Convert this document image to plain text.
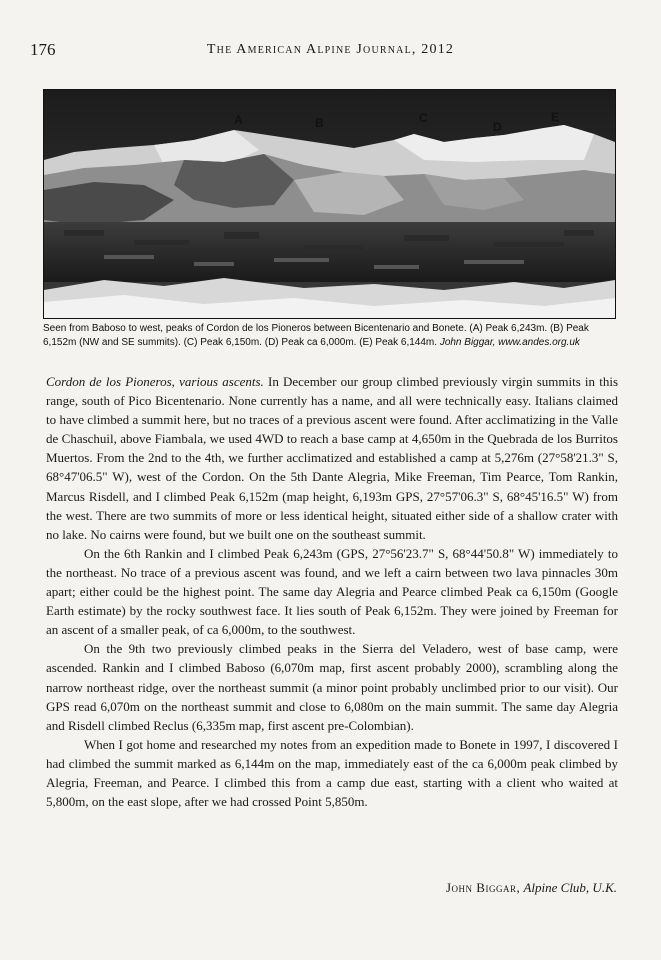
176	The American Alpine Journal, 2012
A	B	C
D
E
Seen from Baboso to west, peaks of Cordon de los Pioneros between Bicentenario and Bonete. (A) Peak 6,243m. (B) Peak 6,152m (NW and SE summits). (C) Peak 6,150m. (D) Peak ca 6,000m. (E) Peak 6,144m. John Biggar, www.andes.org.uk

Cordon de los Pioneros, various ascents. In December our group climbed previously virgin summits in this range, south of Pico Bicentenario. None currently has a name, and all were technically easy. Italians claimed to have climbed a summit here, but no traces of a previous ascent were found. After acclimatizing in the Valle de Chaschuil, above Fiambala, we used 4WD to reach a base camp at 4,650m in the Quebrada de los Burritos Muertos. From the 2nd to the 4th, we further acclimatized and established a camp at 5,276m (27°58'21.3" S, 68°47'06.5" W), west of the Cordon. On the 5th Dante Alegria, Mike Freeman, Tim Pearce, Tom Rankin, Marcus Risdell, and I climbed Peak 6,152m (map height, 6,193m GPS, 27°57'06.3" S, 68°45'16.5" W) from the west. There are two summits of more or less identical height, situated either side of a shallow crater with no lake. No cairns were found, but we built one on the southeast summit.

On the 6th Rankin and I climbed Peak 6,243m (GPS, 27°56'23.7" S, 68°44'50.8" W) immediately to the northeast. No trace of a previous ascent was found, and we left a cairn between two lava pinnacles 30m apart; either could be the highest point. The same day Alegria and Pearce climbed Peak ca 6,150m (Google Earth estimate) by the rocky southwest face. It lies south of Peak 6,152m. They were joined by Freeman for an ascent of a smaller peak, of ca 6,000m, to the southwest.

On the 9th two previously climbed peaks in the Sierra del Veladero, west of base camp, were ascended. Rankin and I climbed Baboso (6,070m map, first ascent probably 2000), scrambling along the narrow northeast ridge, over the northeast summit (a minor point probably unclimbed prior to our visit). Our GPS read 6,070m on the northeast summit and close to 6,080m on the main summit. The same day Alegria and Risdell climbed Reclus (6,335m map, first ascent pre-Colombian).

When I got home and researched my notes from an expedition made to Bonete in 1997, I discovered I had climbed the summit marked as 6,144m on the map, immediately east of the ca 6,000m peak climbed by Alegria, Freeman, and Pearce. I climbed this from a camp due east, starting with a client who waited at 5,800m, on the east slope, after we had crossed Point 5,850m.

John Biggar, Alpine Club, U.K.
